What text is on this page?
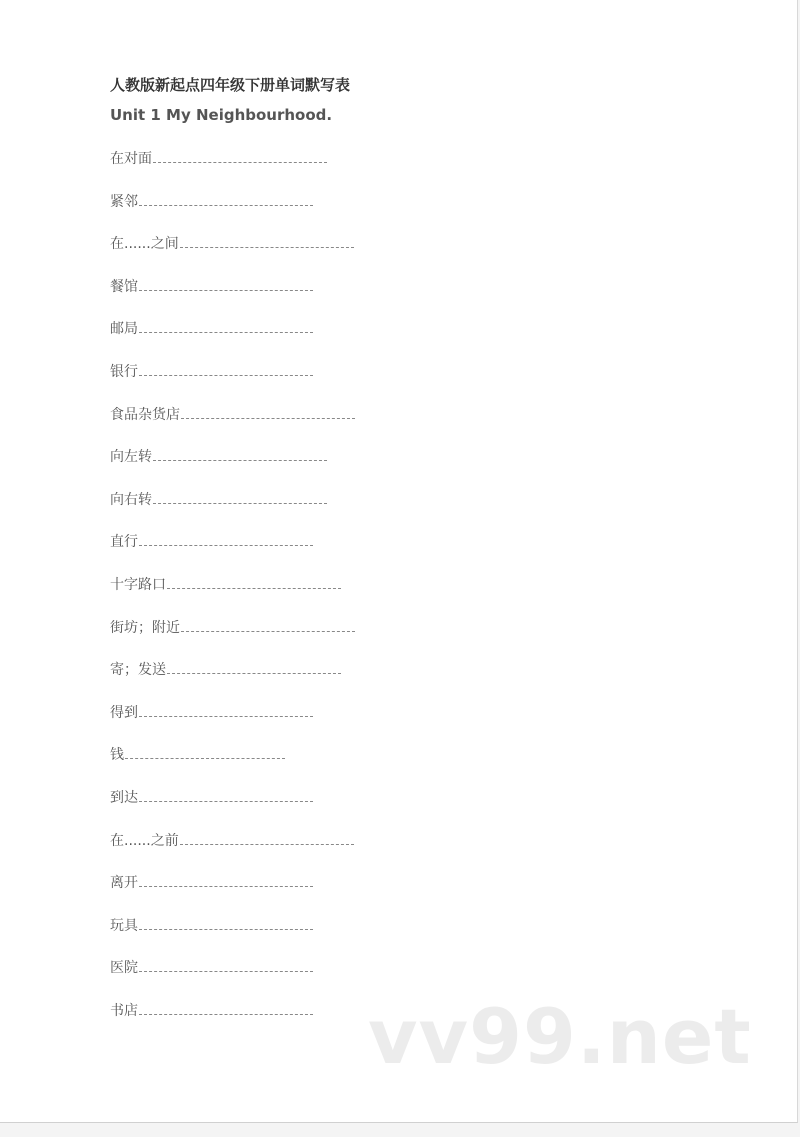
人教版新起点四年级下册单词默写表
Unit 1 My Neighbourhood.
在对面
紧邻
在......之间
餐馆
邮局
银行
食品杂货店
向左转
向右转
直行
十字路口
街坊；附近
寄；发送
得到
钱
到达
在......之前
离开
玩具
医院
书店	vv99.net
